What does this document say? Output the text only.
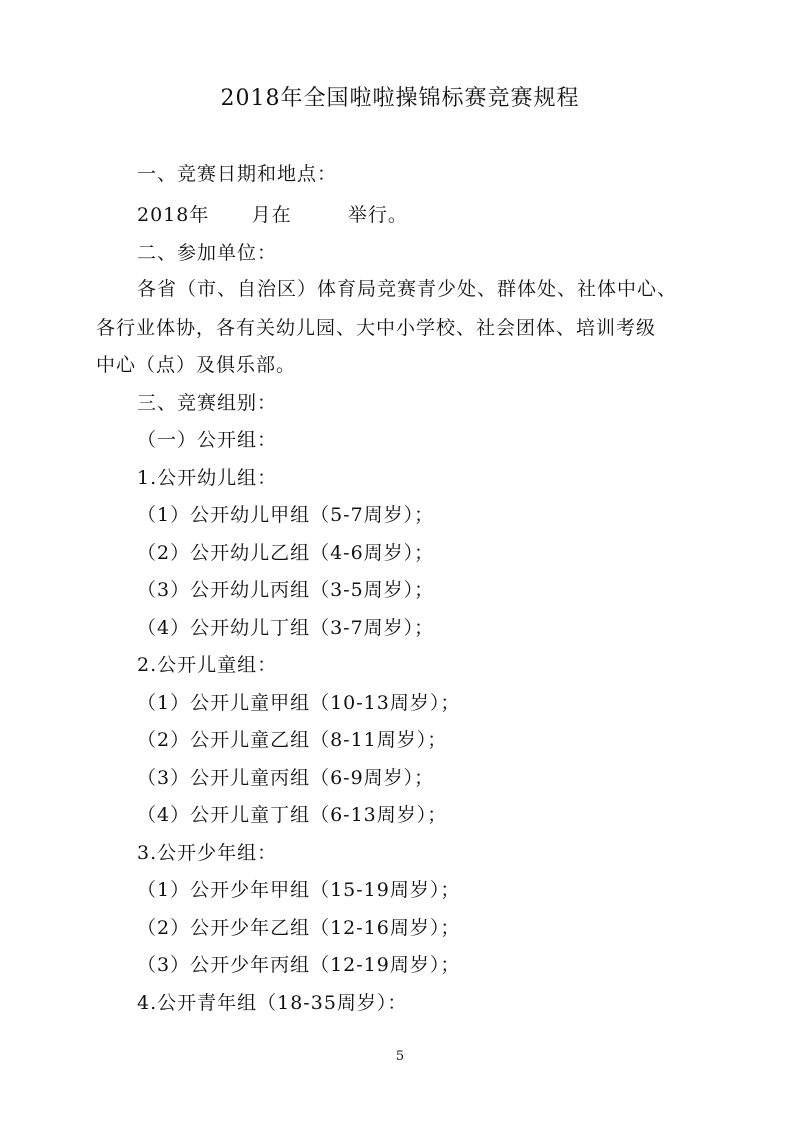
2018年全国啦啦操锦标赛竞赛规程
一、竞赛日期和地点：
2018年      月在        举行。
二、参加单位：
各省（市、自治区）体育局竞赛青少处、群体处、社体中心、
各行业体协，各有关幼儿园、大中小学校、社会团体、培训考级
中心（点）及俱乐部。
三、竞赛组别：
（一）公开组：
1.公开幼儿组：
（1）公开幼儿甲组（5-7周岁）；
（2）公开幼儿乙组（4-6周岁）；
（3）公开幼儿丙组（3-5周岁）；
（4）公开幼儿丁组（3-7周岁）；
2.公开儿童组：
（1）公开儿童甲组（10-13周岁）；
（2）公开儿童乙组（8-11周岁）；
（3）公开儿童丙组（6-9周岁）；
（4）公开儿童丁组（6-13周岁）；
3.公开少年组：
（1）公开少年甲组（15-19周岁）；
（2）公开少年乙组（12-16周岁）；
（3）公开少年丙组（12-19周岁）；
4.公开青年组（18-35周岁）：
5
